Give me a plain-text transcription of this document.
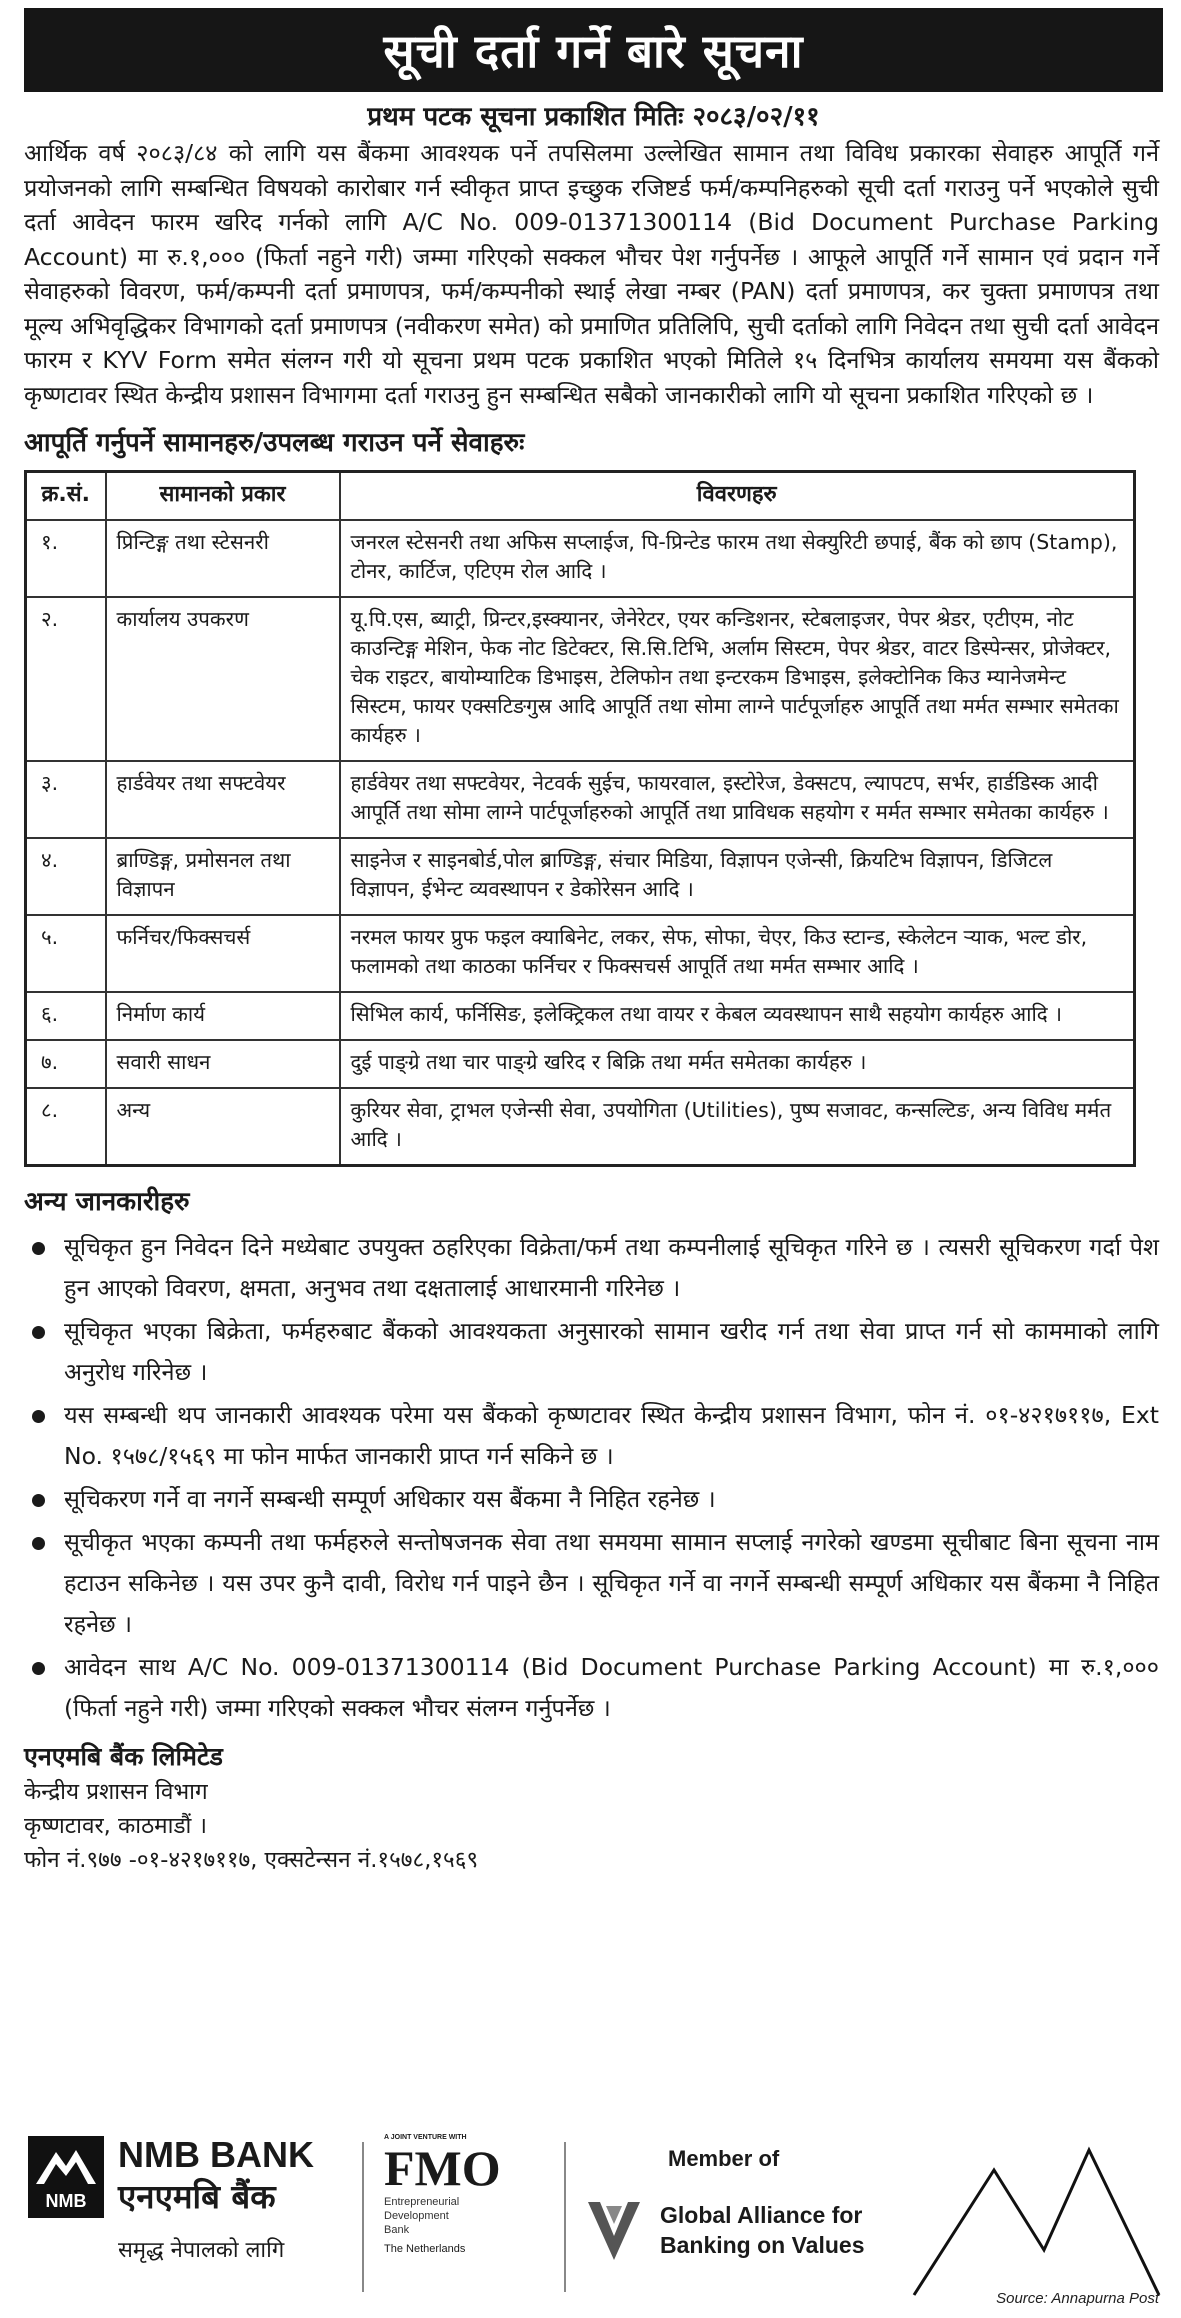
सूची दर्ता गर्ने बारे सूचना
प्रथम पटक सूचना प्रकाशित मितिः २०८३/०२/११

आर्थिक वर्ष २०८३/८४ को लागि यस बैंकमा आवश्यक पर्ने तपसिलमा उल्लेखित सामान तथा विविध प्रकारका सेवाहरु आपूर्ति गर्ने प्रयोजनको लागि सम्बन्धित विषयको कारोबार गर्न स्वीकृत प्राप्त इच्छुक रजिष्टर्ड फर्म/कम्पनिहरुको सूची दर्ता गराउनु पर्ने भएकोले सुची दर्ता आवेदन फारम खरिद गर्नको लागि A/C No. 009-01371300114 (Bid Document Purchase Parking Account) मा रु.१,००० (फिर्ता नहुने गरी) जम्मा गरिएको सक्कल भौचर पेश गर्नुपर्नेछ । आफूले आपूर्ति गर्ने सामान एवं प्रदान गर्ने सेवाहरुको विवरण, फर्म/कम्पनी दर्ता प्रमाणपत्र, फर्म/कम्पनीको स्थाई लेखा नम्बर (PAN) दर्ता प्रमाणपत्र, कर चुक्ता प्रमाणपत्र तथा मूल्य अभिवृद्धिकर विभागको दर्ता प्रमाणपत्र (नवीकरण समेत) को प्रमाणित प्रतिलिपि, सुची दर्ताको लागि निवेदन तथा सुची दर्ता आवेदन फारम र KYV Form समेत संलग्न गरी यो सूचना प्रथम पटक प्रकाशित भएको मितिले १५ दिनभित्र कार्यालय समयमा यस बैंकको कृष्णटावर स्थित केन्द्रीय प्रशासन विभागमा दर्ता गराउनु हुन सम्बन्धित सबैको जानकारीको लागि यो सूचना प्रकाशित गरिएको छ ।

आपूर्ति गर्नुपर्ने सामानहरु/उपलब्ध गराउन पर्ने सेवाहरुः
क्र.सं.	सामानको प्रकार	विवरणहरु
१.	प्रिन्टिङ्ग तथा स्टेसनरी	जनरल स्टेसनरी तथा अफिस सप्लाईज, पि-प्रिन्टेड फारम तथा सेक्युरिटी छपाई, बैंक को छाप (Stamp), टोनर, कार्टिज, एटिएम रोल आदि ।
२.	कार्यालय उपकरण	यू.पि.एस, ब्याट्री, प्रिन्टर,इस्क्यानर, जेनेरेटर, एयर कन्डिशनर, स्टेबलाइजर, पेपर श्रेडर, एटीएम, नोट काउन्टिङ्ग मेशिन, फेक नोट डिटेक्टर, सि.सि.टिभि, अर्लाम सिस्टम, पेपर श्रेडर, वाटर डिस्पेन्सर, प्रोजेक्टर, चेक राइटर, बायोम्याटिक डिभाइस, टेलिफोन तथा इन्टरकम डिभाइस, इलेक्टोनिक किउ म्यानेजमेन्ट सिस्टम, फायर एक्सटिङगुस्र आदि आपूर्ति तथा सोमा लाग्ने पार्टपूर्जाहरु आपूर्ति तथा मर्मत सम्भार समेतका कार्यहरु ।
३.	हार्डवेयर तथा सफ्टवेयर	हार्डवेयर तथा सफ्टवेयर, नेटवर्क सुईच, फायरवाल, इस्टोरेज, डेक्सटप, ल्यापटप, सर्भर, हार्डडिस्क आदी आपूर्ति तथा सोमा लाग्ने पार्टपूर्जाहरुको आपूर्ति तथा प्राविधक सहयोग र मर्मत सम्भार समेतका कार्यहरु ।
४.	ब्राण्डिङ्ग, प्रमोसनल तथा विज्ञापन	साइनेज र साइनबोर्ड,पोल ब्राण्डिङ्ग, संचार मिडिया, विज्ञापन एजेन्सी, क्रियटिभ विज्ञापन, डिजिटल विज्ञापन, ईभेन्ट व्यवस्थापन र डेकोरेसन आदि ।
५.	फर्निचर/फिक्सचर्स	नरमल फायर प्रुफ फइल क्याबिनेट, लकर, सेफ, सोफा, चेएर, किउ स्टान्ड, स्केलेटन ऱ्याक, भल्ट डोर, फलामको तथा काठका फर्निचर र फिक्सचर्स आपूर्ति तथा मर्मत सम्भार आदि ।
६.	निर्माण कार्य	सिभिल कार्य, फर्निसिङ, इलेक्ट्रिकल तथा वायर र केबल व्यवस्थापन साथै सहयोग कार्यहरु आदि ।
७.	सवारी साधन	दुई पाङ्ग्रे तथा चार पाङ्ग्रे खरिद र बिक्रि तथा मर्मत समेतका कार्यहरु ।
८.	अन्य	कुरियर सेवा, ट्राभल एजेन्सी सेवा, उपयोगिता (Utilities), पुष्प सजावट, कन्सल्टिङ, अन्य विविध मर्मत आदि ।
अन्य जानकारीहरु
सूचिकृत हुन निवेदन दिने मध्येबाट उपयुक्त ठहरिएका विक्रेता/फर्म तथा कम्पनीलाई सूचिकृत गरिने छ । त्यसरी सूचिकरण गर्दा पेश हुन आएको विवरण, क्षमता, अनुभव तथा दक्षतालाई आधारमानी गरिनेछ ।
सूचिकृत भएका बिक्रेता, फर्महरुबाट बैंकको आवश्यकता अनुसारको सामान खरीद गर्न तथा सेवा प्राप्त गर्न सो काममाको लागि अनुरोध गरिनेछ ।
यस सम्बन्धी थप जानकारी आवश्यक परेमा यस बैंकको कृष्णटावर स्थित केन्द्रीय प्रशासन विभाग, फोन नं. ०१-४२१७११७, Ext No. १५७८/१५६९ मा फोन मार्फत जानकारी प्राप्त गर्न सकिने छ ।
सूचिकरण गर्ने वा नगर्ने सम्बन्धी सम्पूर्ण अधिकार यस बैंकमा नै निहित रहनेछ ।
सूचीकृत भएका कम्पनी तथा फर्महरुले सन्तोषजनक सेवा तथा समयमा सामान सप्लाई नगरेको खण्डमा सूचीबाट बिना सूचना नाम हटाउन सकिनेछ । यस उपर कुनै दावी, विरोध गर्न पाइने छैन । सूचिकृत गर्ने वा नगर्ने सम्बन्धी सम्पूर्ण अधिकार यस बैंकमा नै निहित रहनेछ ।
आवेदन साथ A/C No. 009-01371300114 (Bid Document Purchase Parking Account) मा रु.१,००० (फिर्ता नहुने गरी) जम्मा गरिएको सक्कल भौचर संलग्न गर्नुपर्नेछ ।
एनएमबि बैंक लिमिटेड
केन्द्रीय प्रशासन विभाग
कृष्णटावर, काठमाडौं ।
फोन नं.९७७ -०१-४२१७११७, एक्सटेन्सन नं.१५७८,१५६९
NMB
NMB BANK
एनएमबि बैंक
समृद्ध नेपालको लागि
A JOINT VENTURE WITH
FMO
Entrepreneurial
Development
Bank
The Netherlands
Member of
Global Alliance for
Banking on Values
Source: Annapurna Post
